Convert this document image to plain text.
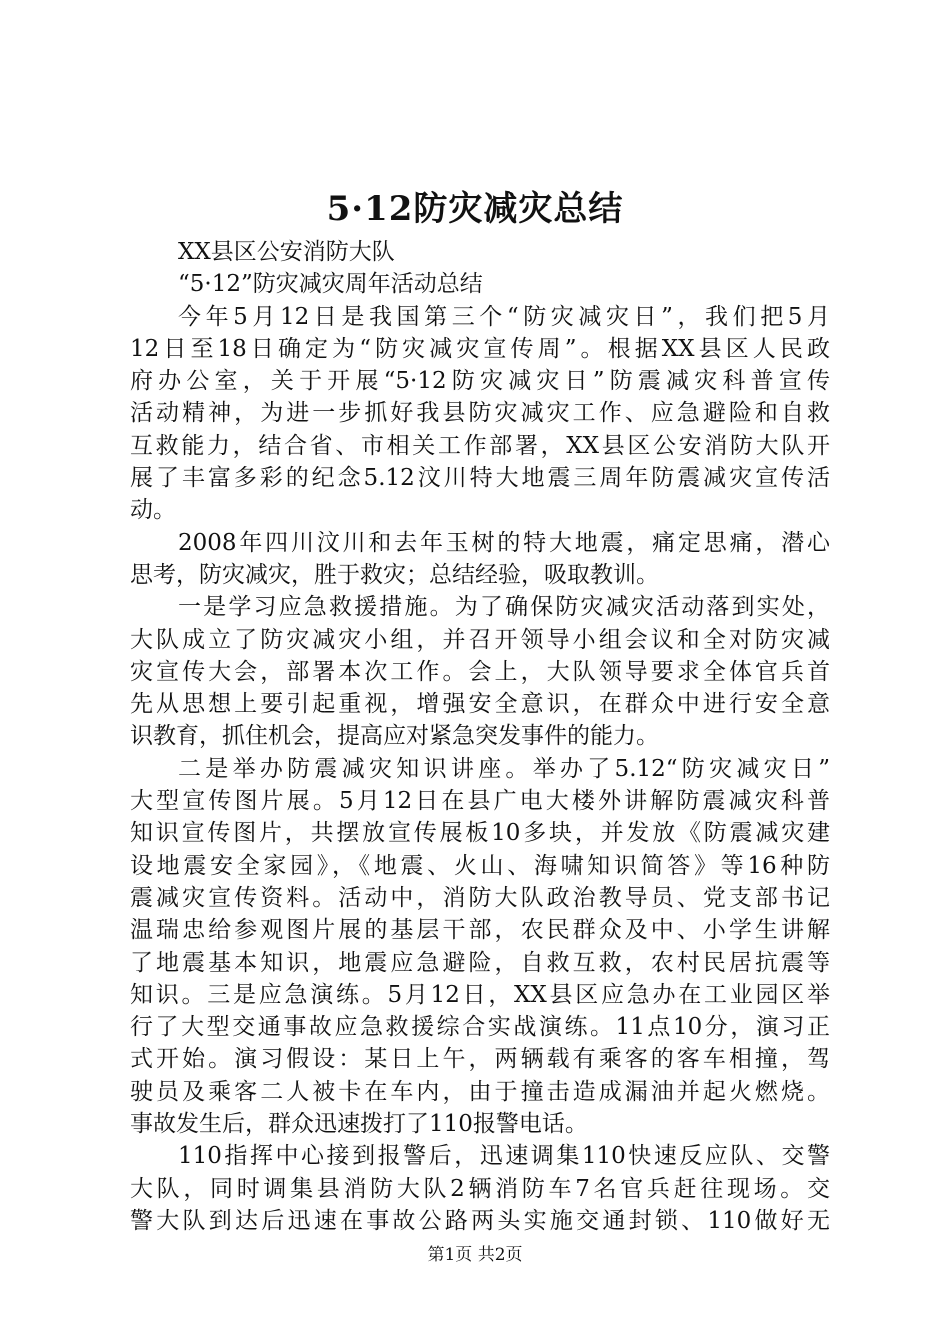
5·12防灾减灾总结
XX县区公安消防大队
“5·12”防灾减灾周年活动总结
今年5月12日是我国第三个“防灾减灾日”，我们把5月
12日至18日确定为“防灾减灾宣传周”。根据XX县区人民政
府办公室，关于开展“5·12防灾减灾日”防震减灾科普宣传
活动精神，为进一步抓好我县防灾减灾工作、应急避险和自救
互救能力，结合省、市相关工作部署，XX县区公安消防大队开
展了丰富多彩的纪念5.12汶川特大地震三周年防震减灾宣传活
动。
2008年四川汶川和去年玉树的特大地震，痛定思痛，潜心
思考，防灾减灾，胜于救灾；总结经验，吸取教训。
一是学习应急救援措施。为了确保防灾减灾活动落到实处，
大队成立了防灾减灾小组，并召开领导小组会议和全对防灾减
灾宣传大会，部署本次工作。会上，大队领导要求全体官兵首
先从思想上要引起重视，增强安全意识，在群众中进行安全意
识教育，抓住机会，提高应对紧急突发事件的能力。
二是举办防震减灾知识讲座。举办了5.12“防灾减灾日”
大型宣传图片展。5月12日在县广电大楼外讲解防震减灾科普
知识宣传图片，共摆放宣传展板10多块，并发放《防震减灾建
设地震安全家园》，《地震、火山、海啸知识简答》等16种防
震减灾宣传资料。活动中，消防大队政治教导员、党支部书记
温瑞忠给参观图片展的基层干部，农民群众及中、小学生讲解
了地震基本知识，地震应急避险，自救互救，农村民居抗震等
知识。三是应急演练。5月12日，XX县区应急办在工业园区举
行了大型交通事故应急救援综合实战演练。11点10分，演习正
式开始。演习假设：某日上午，两辆载有乘客的客车相撞，驾
驶员及乘客二人被卡在车内，由于撞击造成漏油并起火燃烧。
事故发生后，群众迅速拨打了110报警电话。
110指挥中心接到报警后，迅速调集110快速反应队、交警
大队，同时调集县消防大队2辆消防车7名官兵赶往现场。交
警大队到达后迅速在事故公路两头实施交通封锁、110做好无
第1页 共2页
